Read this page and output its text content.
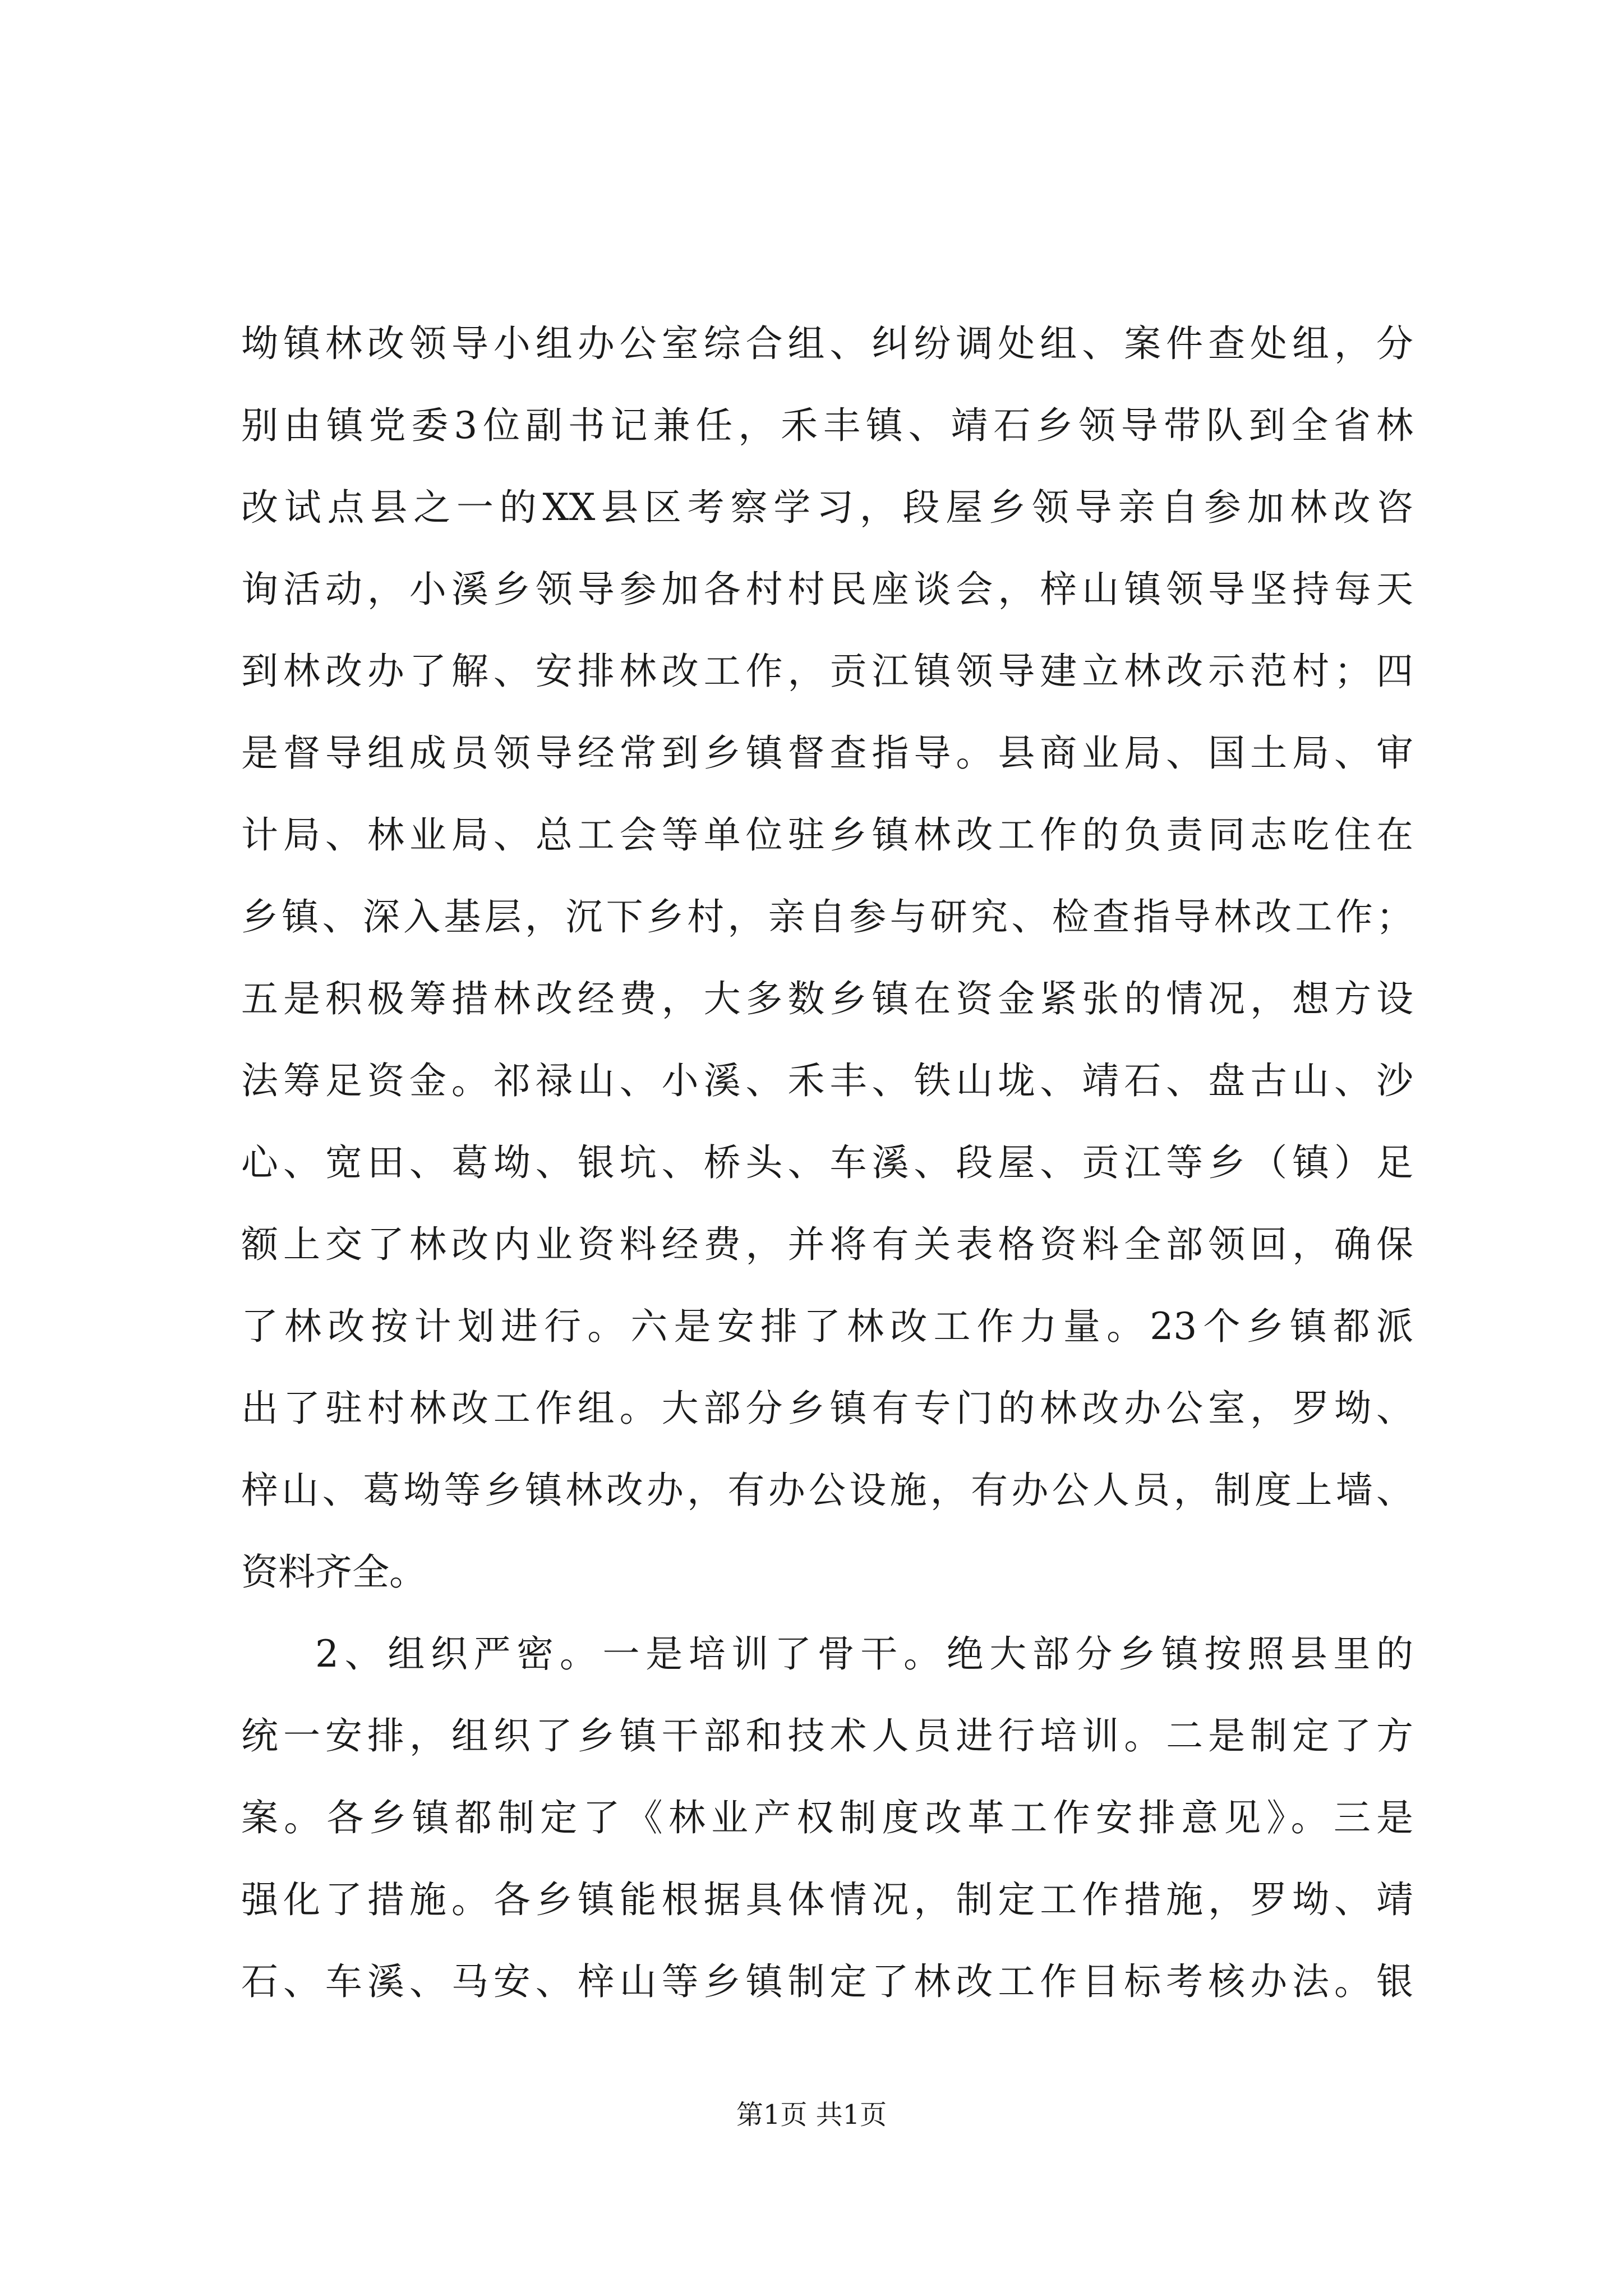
坳镇林改领导小组办公室综合组、纠纷调处组、案件查处组，分
别由镇党委3位副书记兼任，禾丰镇、靖石乡领导带队到全省林
改试点县之一的XX县区考察学习，段屋乡领导亲自参加林改咨
询活动，小溪乡领导参加各村村民座谈会，梓山镇领导坚持每天
到林改办了解、安排林改工作，贡江镇领导建立林改示范村；四
是督导组成员领导经常到乡镇督查指导。县商业局、国土局、审
计局、林业局、总工会等单位驻乡镇林改工作的负责同志吃住在
乡镇、深入基层，沉下乡村，亲自参与研究、检查指导林改工作；
五是积极筹措林改经费，大多数乡镇在资金紧张的情况，想方设
法筹足资金。祁禄山、小溪、禾丰、铁山垅、靖石、盘古山、沙
心、宽田、葛坳、银坑、桥头、车溪、段屋、贡江等乡（镇）足
额上交了林改内业资料经费，并将有关表格资料全部领回，确保
了林改按计划进行。六是安排了林改工作力量。23个乡镇都派
出了驻村林改工作组。大部分乡镇有专门的林改办公室，罗坳、
梓山、葛坳等乡镇林改办，有办公设施，有办公人员，制度上墙、
资料齐全。
2、组织严密。一是培训了骨干。绝大部分乡镇按照县里的
统一安排，组织了乡镇干部和技术人员进行培训。二是制定了方
案。各乡镇都制定了《林业产权制度改革工作安排意见》。三是
强化了措施。各乡镇能根据具体情况，制定工作措施，罗坳、靖
石、车溪、马安、梓山等乡镇制定了林改工作目标考核办法。银
第1页 共1页
